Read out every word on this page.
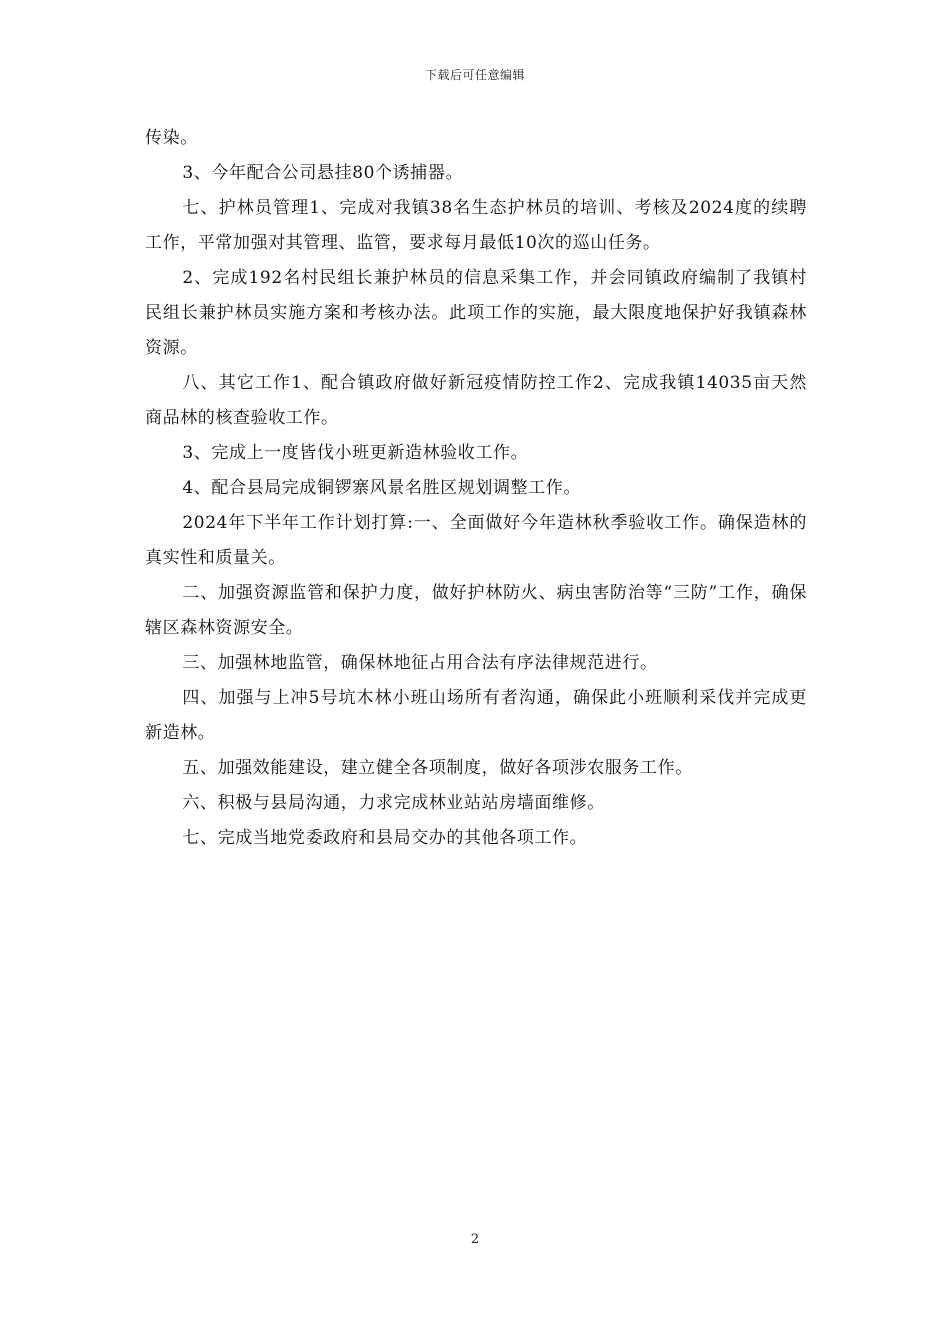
下载后可任意编辑

传染。

3、今年配合公司悬挂80个诱捕器。

七、护林员管理1、完成对我镇38名生态护林员的培训、考核及2024度的续聘工作，平常加强对其管理、监管，要求每月最低10次的巡山任务。

2、完成192名村民组长兼护林员的信息采集工作，并会同镇政府编制了我镇村民组长兼护林员实施方案和考核办法。此项工作的实施，最大限度地保护好我镇森林资源。

八、其它工作1、配合镇政府做好新冠疫情防控工作2、完成我镇14035亩天然商品林的核查验收工作。

3、完成上一度皆伐小班更新造林验收工作。

4、配合县局完成铜锣寨风景名胜区规划调整工作。

2024年下半年工作计划打算:一、全面做好今年造林秋季验收工作。确保造林的真实性和质量关。

二、加强资源监管和保护力度，做好护林防火、病虫害防治等“三防”工作，确保辖区森林资源安全。

三、加强林地监管，确保林地征占用合法有序法律规范进行。

四、加强与上冲5号坑木林小班山场所有者沟通，确保此小班顺利采伐并完成更新造林。

五、加强效能建设，建立健全各项制度，做好各项涉农服务工作。

六、积极与县局沟通，力求完成林业站站房墙面维修。

七、完成当地党委政府和县局交办的其他各项工作。

2
